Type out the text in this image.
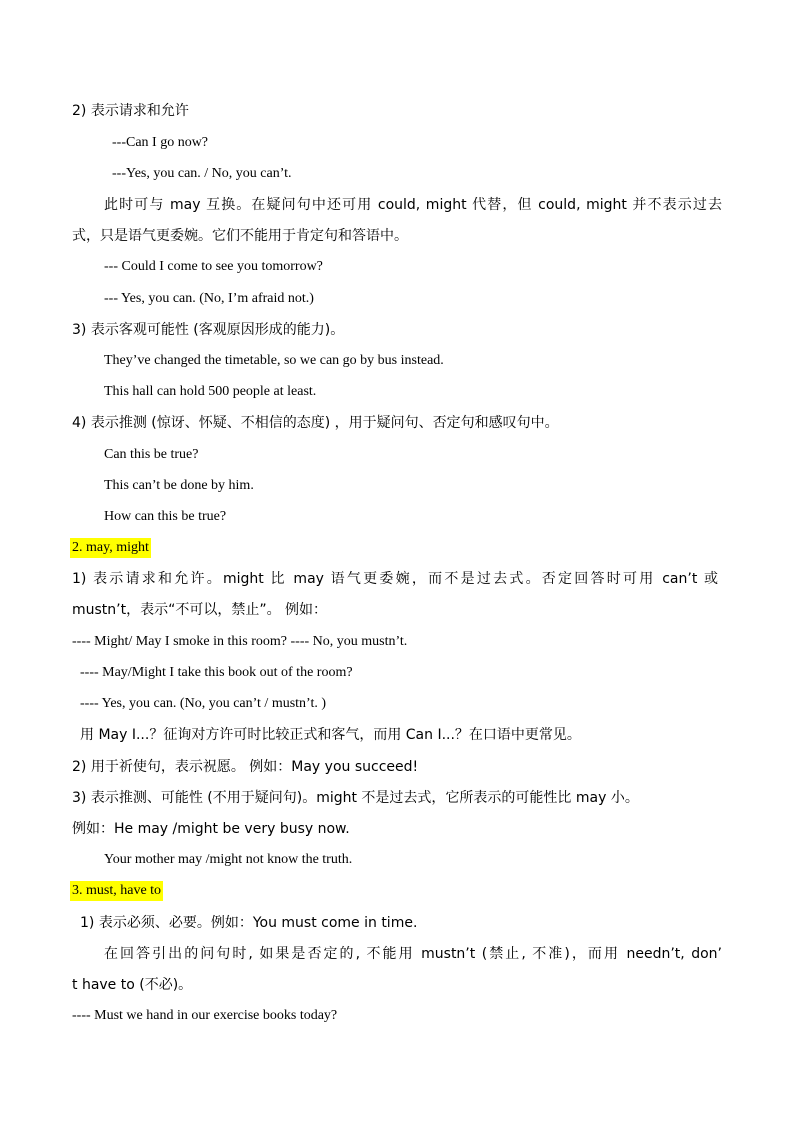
2) 表示请求和允许
---Can I go now?
---Yes, you can. / No, you can’t.
此时可与 may 互换。在疑问句中还可用 could, might 代替，但 could, might 并不表示过去
式，只是语气更委婉。它们不能用于肯定句和答语中。
--- Could I come to see you tomorrow?
--- Yes, you can. (No, I’m afraid not.)
3) 表示客观可能性 (客观原因形成的能力)。
They’ve changed the timetable, so we can go by bus instead.
This hall can hold 500 people at least.
4) 表示推测 (惊讶、怀疑、不相信的态度) ，用于疑问句、否定句和感叹句中。
Can this be true?
This can’t be done by him.
How can this be true?
2. may, might
1) 表示请求和允许。might 比 may 语气更委婉，而不是过去式。否定回答时可用 can’t 或
mustn’t，表示“不可以，禁止”。 例如：
---- Might/ May I smoke in this room? ---- No, you mustn’t.
---- May/Might I take this book out of the room?
---- Yes, you can. (No, you can’t / mustn’t. )
用 May I...？征询对方许可时比较正式和客气，而用 Can I...？在口语中更常见。
2) 用于祈使句，表示祝愿。 例如：May you succeed!
3) 表示推测、可能性 (不用于疑问句)。might 不是过去式，它所表示的可能性比 may 小。
例如：He may /might be very busy now.
Your mother may /might not know the truth.
3. must, have to
1) 表示必须、必要。例如：You must come in time.
在回答引出的问句时, 如果是否定的, 不能用 mustn’t (禁止, 不准)，而用 needn’t, don’
t have to (不必)。
---- Must we hand in our exercise books today?
